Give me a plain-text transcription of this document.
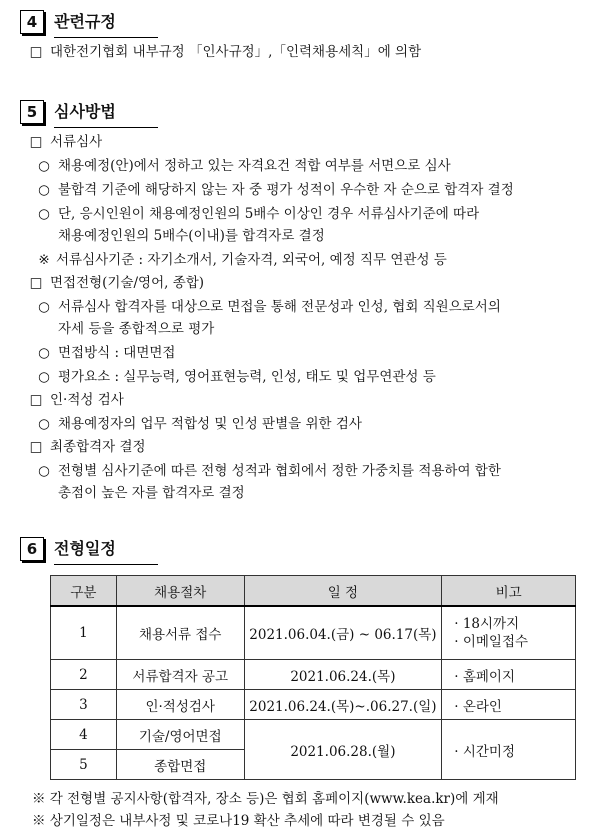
4	관련규정
□ 대한전기협회 내부규정 「인사규정」,「인력채용세칙」에 의함
5	심사방법
□ 서류심사
○ 채용예정(안)에서 정하고 있는 자격요건 적합 여부를 서면으로 심사
○ 불합격 기준에 해당하지 않는 자 중 평가 성적이 우수한 자 순으로 합격자 결정
○ 단, 응시인원이 채용예정인원의 5배수 이상인 경우 서류심사기준에 따라
채용예정인원의 5배수(이내)를 합격자로 결정
※ 서류심사기준 : 자기소개서, 기술자격, 외국어, 예정 직무 연관성 등
□ 면접전형(기술/영어, 종합)
○ 서류심사 합격자를 대상으로 면접을 통해 전문성과 인성, 협회 직원으로서의
자세 등을 종합적으로 평가
○ 면접방식 : 대면면접
○ 평가요소 : 실무능력, 영어표현능력, 인성, 태도 및 업무연관성 등
□ 인·적성 검사
○ 채용예정자의 업무 적합성 및 인성 판별을 위한 검사
□ 최종합격자 결정
○ 전형별 심사기준에 따른 전형 성적과 협회에서 정한 가중치를 적용하여 합한
총점이 높은 자를 합격자로 결정
6	전형일정
구분	채용절차	일 정	비고
1	채용서류 접수	2021.06.04.(금) ~ 06.17(목)	· 18시까지
· 이메일접수

2	서류합격자 공고	2021.06.24.(목)	· 홈페이지
3	인·적성검사	2021.06.24.(목)~.06.27.(일)	· 온라인
4	기술/영어면접	2021.06.28.(월)	· 시간미정
5	종합면접		
※ 각 전형별 공지사항(합격자, 장소 등)은 협회 홈페이지(www.kea.kr)에 게재
※ 상기일정은 내부사정 및 코로나19 확산 추세에 따라 변경될 수 있음
